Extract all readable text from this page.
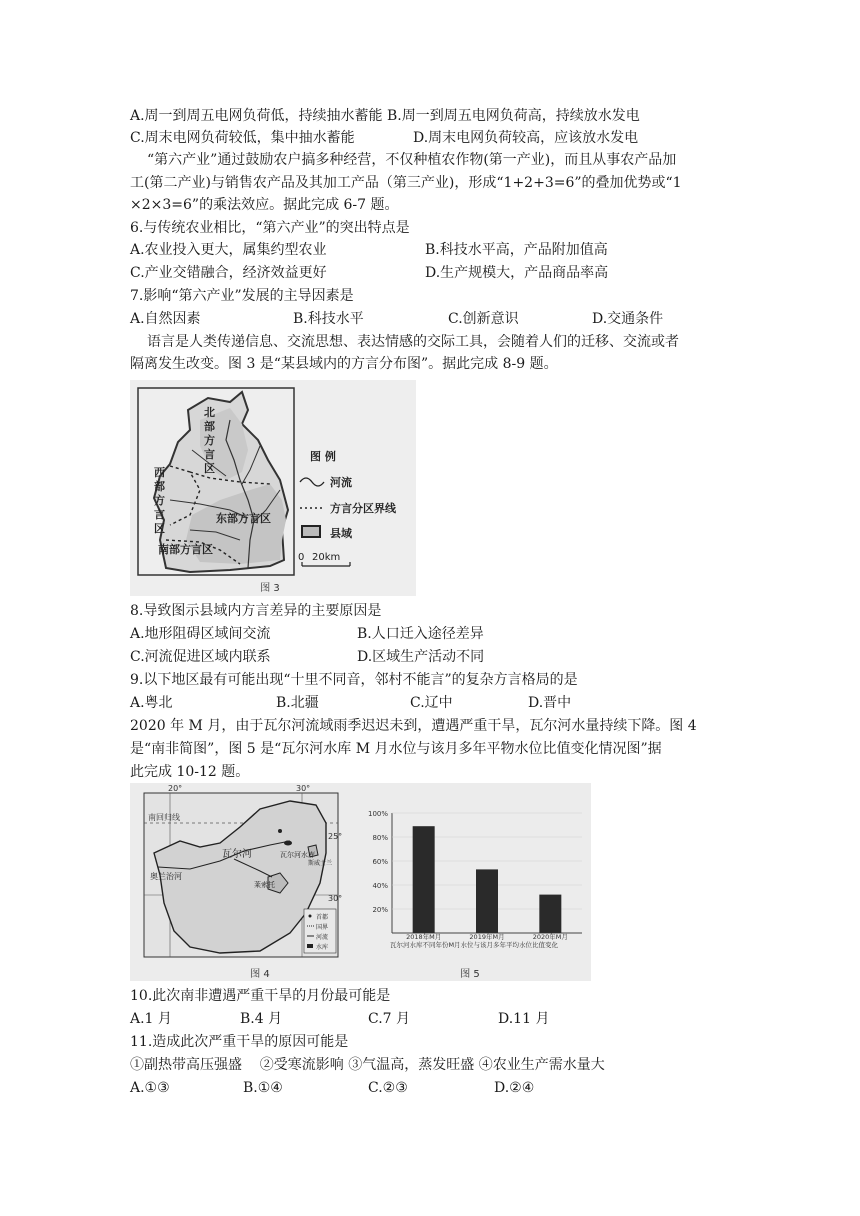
A.周一到周五电网负荷低，持续抽水蓄能 B.周一到周五电网负荷高，持续放水发电
C.周末电网负荷较低，集中抽水蓄能	D.周末电网负荷较高，应该放水发电
“第六产业”通过鼓励农户搞多种经营，不仅种植农作物(第一产业)，而且从事农产品加
工(第二产业)与销售农产品及其加工产品（第三产业)，形成“1+2+3=6”的叠加优势或“1
×2×3=6”的乘法效应。据此完成 6-7 题。
6.与传统农业相比，“第六产业”的突出特点是
A.农业投入更大，属集约型农业	B.科技水平高，产品附加值高
C.产业交错融合，经济效益更好	D.生产规模大，产品商品率高
7.影响“第六产业”发展的主导因素是
A.自然因素	B.科技水平	C.创新意识	D.交通条件
语言是人类传递信息、交流思想、表达情感的交际工具，会随着人们的迁移、交流或者
隔离发生改变。图 3 是“某县域内的方言分布图”。据此完成 8-9 题。
北
部
方
言
区
西
部
方
言
区
东部方言区
南部方言区
图 例
河流
方言分区界线
县域
0 20km
图 3
8.导致图示县域内方言差异的主要原因是
A.地形阻碍区域间交流	B.人口迁入途径差异
C.河流促进区域内联系	D.区域生产活动不同
9.以下地区最有可能出现“十里不同音，邻村不能言”的复杂方言格局的是
A.粤北	B.北疆	C.辽中	D.晋中
2020 年 M 月，由于瓦尔河流域雨季迟迟未到，遭遇严重干旱，瓦尔河水量持续下降。图 4
是“南非简图”，图 5 是“瓦尔河水库 M 月水位与该月多年平物水位比值变化情况图”据
此完成 10-12 题。
20°	30°
25°
30°
南回归线
瓦尔河
奥兰治河
瓦尔河水库
莱索托
斯威士兰
首都
国界
河流
水库
图 4
20%
40%
60%
80%
100%
2018年M月	2019年M月	2020年M月
瓦尔河水库不同年份M月水位与该月多年平均水位比值变化
图 5
10.此次南非遭遇严重干旱的月份最可能是
A.1 月	B.4 月	C.7 月	D.11 月
11.造成此次严重干旱的原因可能是
①副热带高压强盛    ②受寒流影响 ③气温高，蒸发旺盛 ④农业生产需水量大
A.①③	B.①④	C.②③	D.②④
